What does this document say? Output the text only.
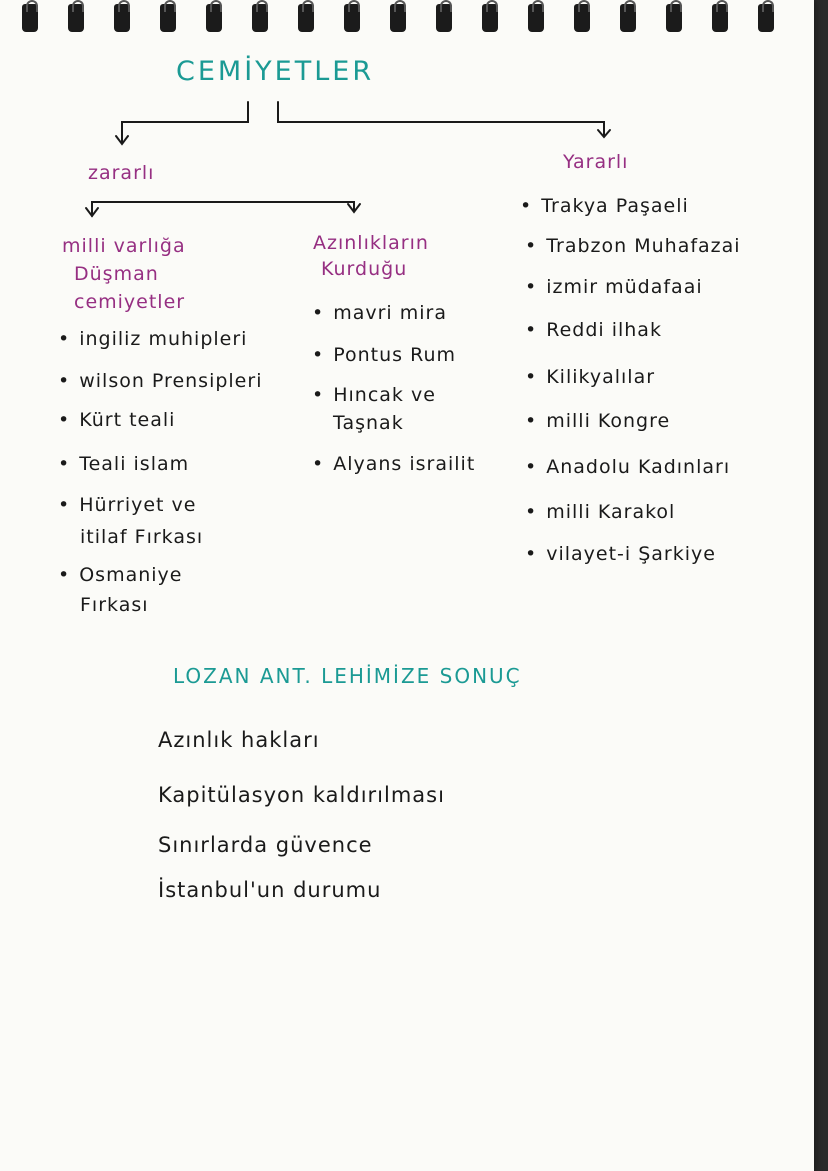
CEMİYETLER
zararlı	Yararlı
milli varlığa
Düşman
cemiyetler
• ingiliz muhipleri
• wilson Prensipleri
• Kürt teali
• Teali islam
• Hürriyet ve
itilaf Fırkası
• Osmaniye
Fırkası
Azınlıkların
Kurduğu
• mavri mira
• Pontus Rum
• Hıncak ve
Taşnak
• Alyans israilit
• Trakya Paşaeli
• Trabzon Muhafazai
• izmir müdafaai
• Reddi ilhak
• Kilikyalılar
• milli Kongre
• Anadolu Kadınları
• milli Karakol
• vilayet-i Şarkiye
LOZAN ANT. LEHİMİZE SONUÇ
Azınlık hakları
Kapitülasyon kaldırılması
Sınırlarda güvence
İstanbul'un durumu
